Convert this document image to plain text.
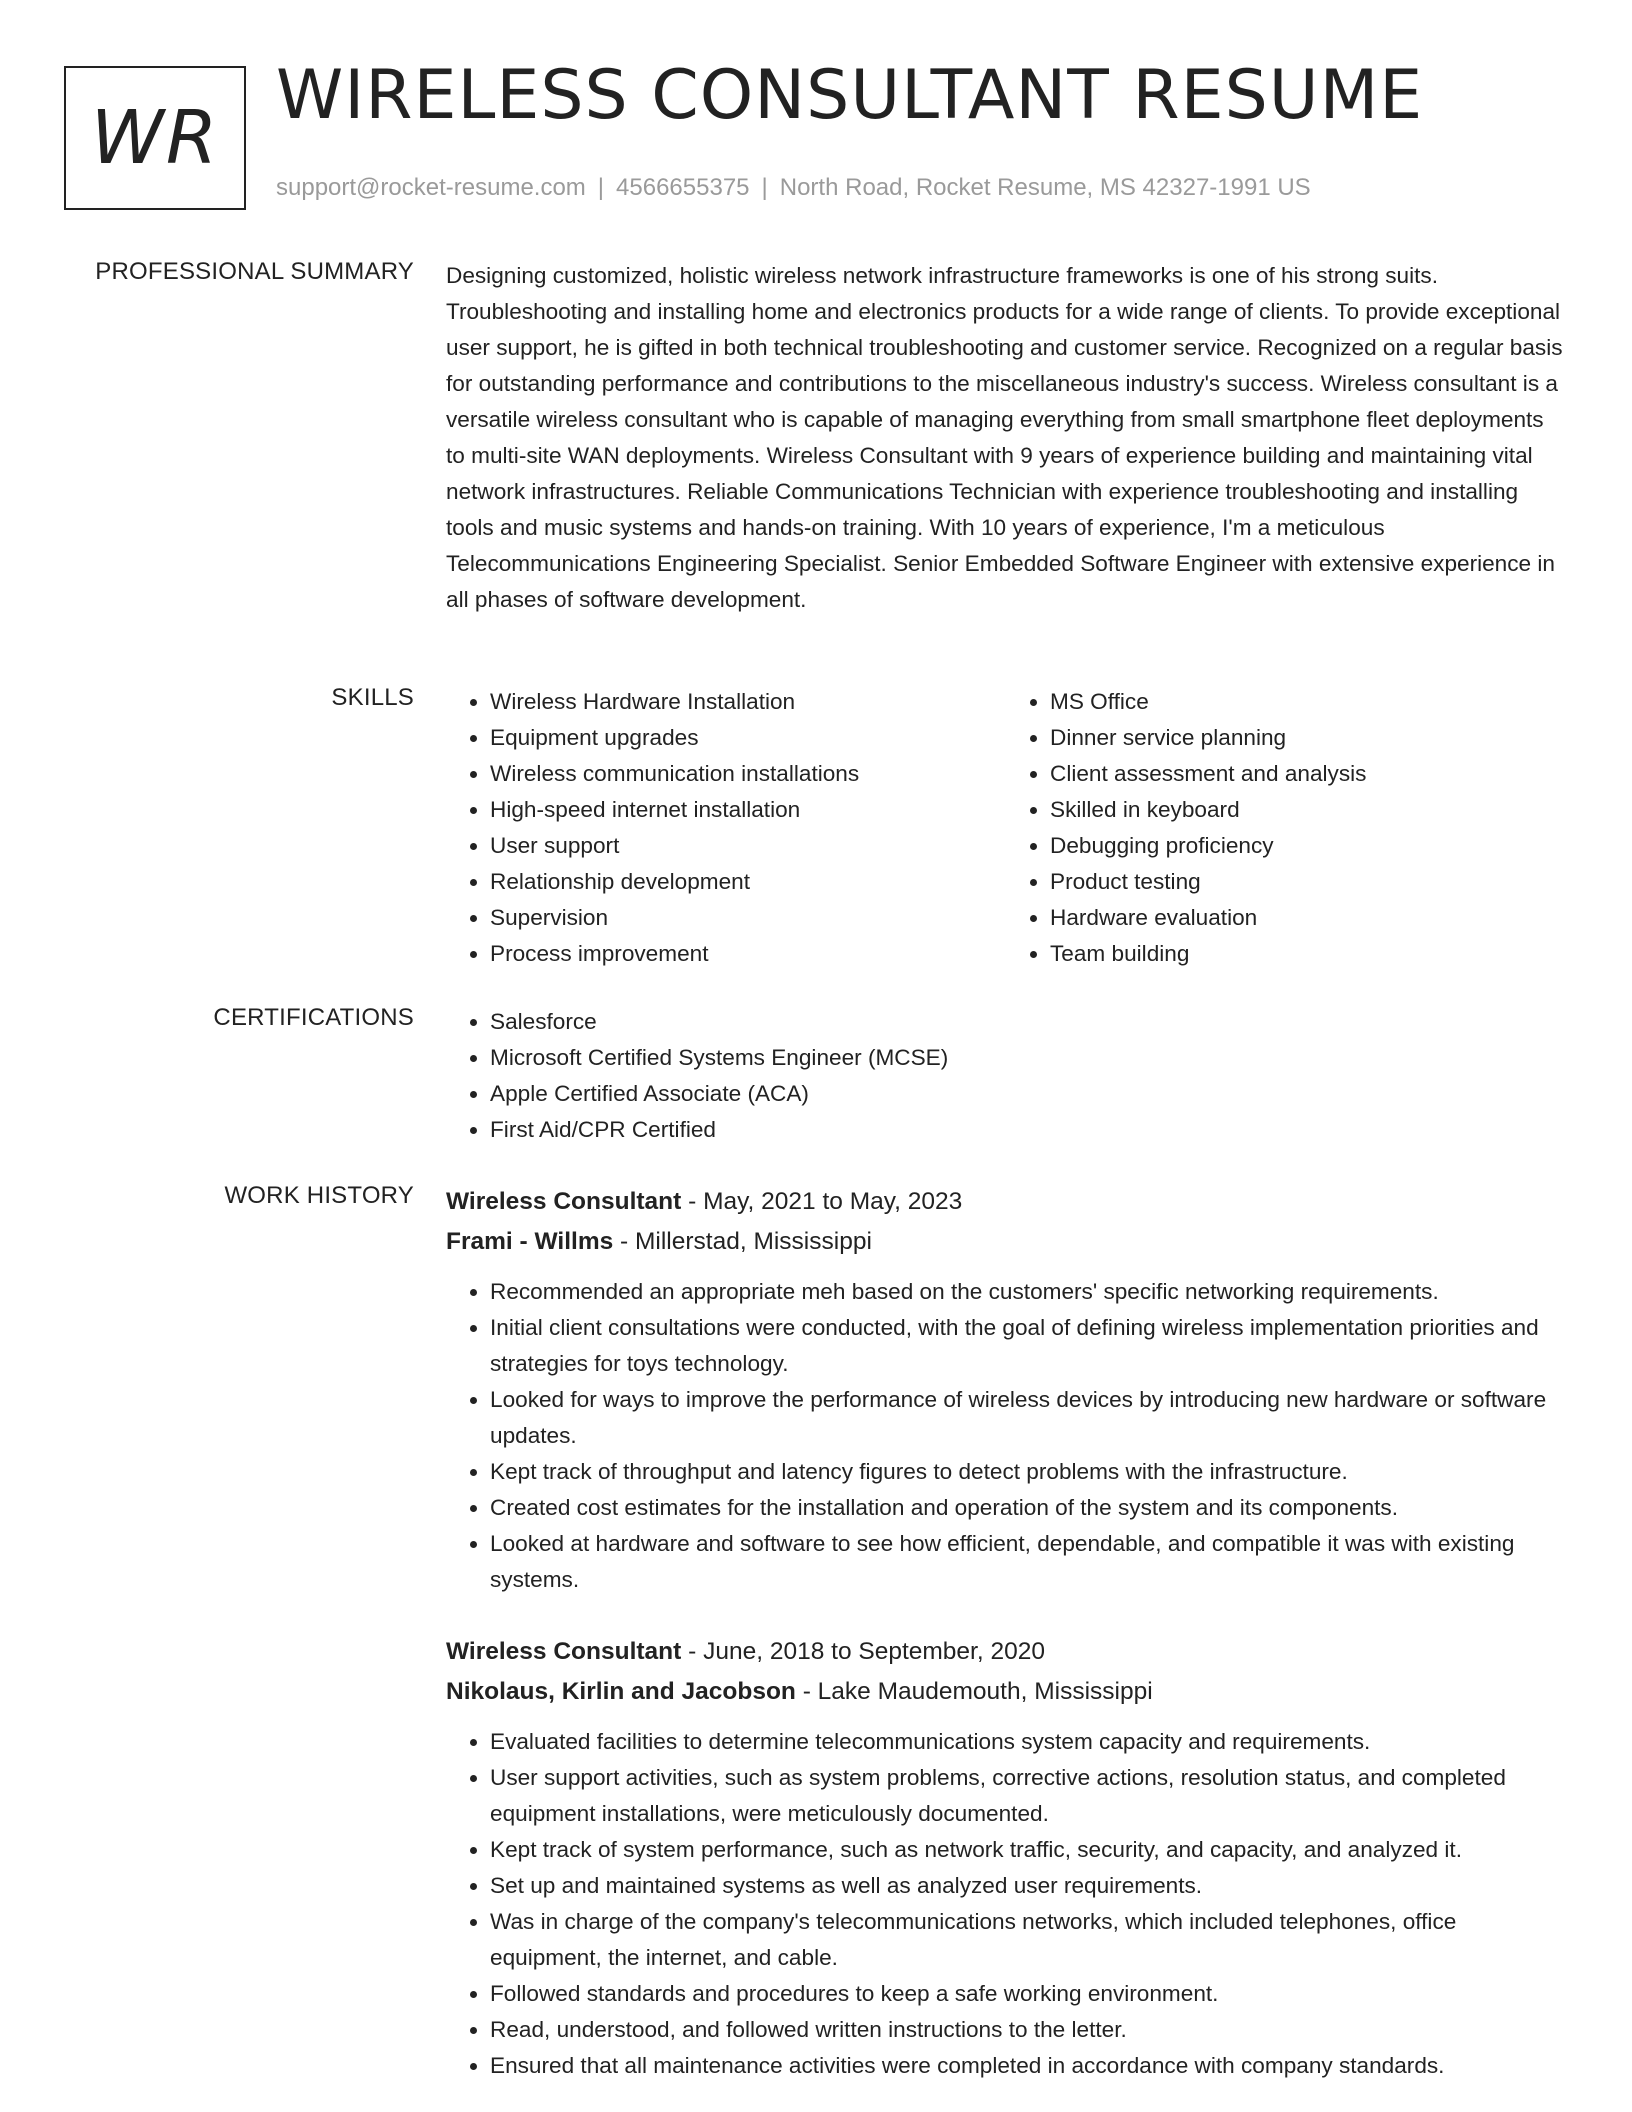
WR WIRELESS CONSULTANT RESUME
support@rocket-resume.com | 4566655375 | North Road, Rocket Resume, MS 42327-1991 US
PROFESSIONAL SUMMARY Designing customized, holistic wireless network infrastructure frameworks is one of his strong suits. Troubleshooting and installing home and electronics products for a wide range of clients. To provide exceptional user support, he is gifted in both technical troubleshooting and customer service. Recognized on a regular basis for outstanding performance and contributions to the miscellaneous industry's success. Wireless consultant is a versatile wireless consultant who is capable of managing everything from small smartphone fleet deployments to multi-site WAN deployments. Wireless Consultant with 9 years of experience building and maintaining vital network infrastructures. Reliable Communications Technician with experience troubleshooting and installing tools and music systems and hands-on training. With 10 years of experience, I'm a meticulous Telecommunications Engineering Specialist. Senior Embedded Software Engineer with extensive experience in all phases of software development.

SKILLS	• Wireless Hardware Installation
• Equipment upgrades
• Wireless communication installations
• High-speed internet installation
• User support
• Relationship development
• Supervision
• Process improvement
• MS Office
• Dinner service planning
• Client assessment and analysis
• Skilled in keyboard
• Debugging proficiency
• Product testing
• Hardware evaluation
• Team building
CERTIFICATIONS	• Salesforce
• Microsoft Certified Systems Engineer (MCSE)
• Apple Certified Associate (ACA)
• First Aid/CPR Certified
WORK HISTORY Wireless Consultant - May, 2021 to May, 2023
Frami - Willms - Millerstad, Mississippi
• Recommended an appropriate meh based on the customers' specific networking requirements.
• Initial client consultations were conducted, with the goal of defining wireless implementation priorities and strategies for toys technology.
• Looked for ways to improve the performance of wireless devices by introducing new hardware or software updates.
• Kept track of throughput and latency figures to detect problems with the infrastructure.
• Created cost estimates for the installation and operation of the system and its components.
• Looked at hardware and software to see how efficient, dependable, and compatible it was with existing systems.
Wireless Consultant - June, 2018 to September, 2020
Nikolaus, Kirlin and Jacobson - Lake Maudemouth, Mississippi
• Evaluated facilities to determine telecommunications system capacity and requirements.
• User support activities, such as system problems, corrective actions, resolution status, and completed equipment installations, were meticulously documented.
• Kept track of system performance, such as network traffic, security, and capacity, and analyzed it.
• Set up and maintained systems as well as analyzed user requirements.
• Was in charge of the company's telecommunications networks, which included telephones, office equipment, the internet, and cable.
• Followed standards and procedures to keep a safe working environment.
• Read, understood, and followed written instructions to the letter.
• Ensured that all maintenance activities were completed in accordance with company standards.
